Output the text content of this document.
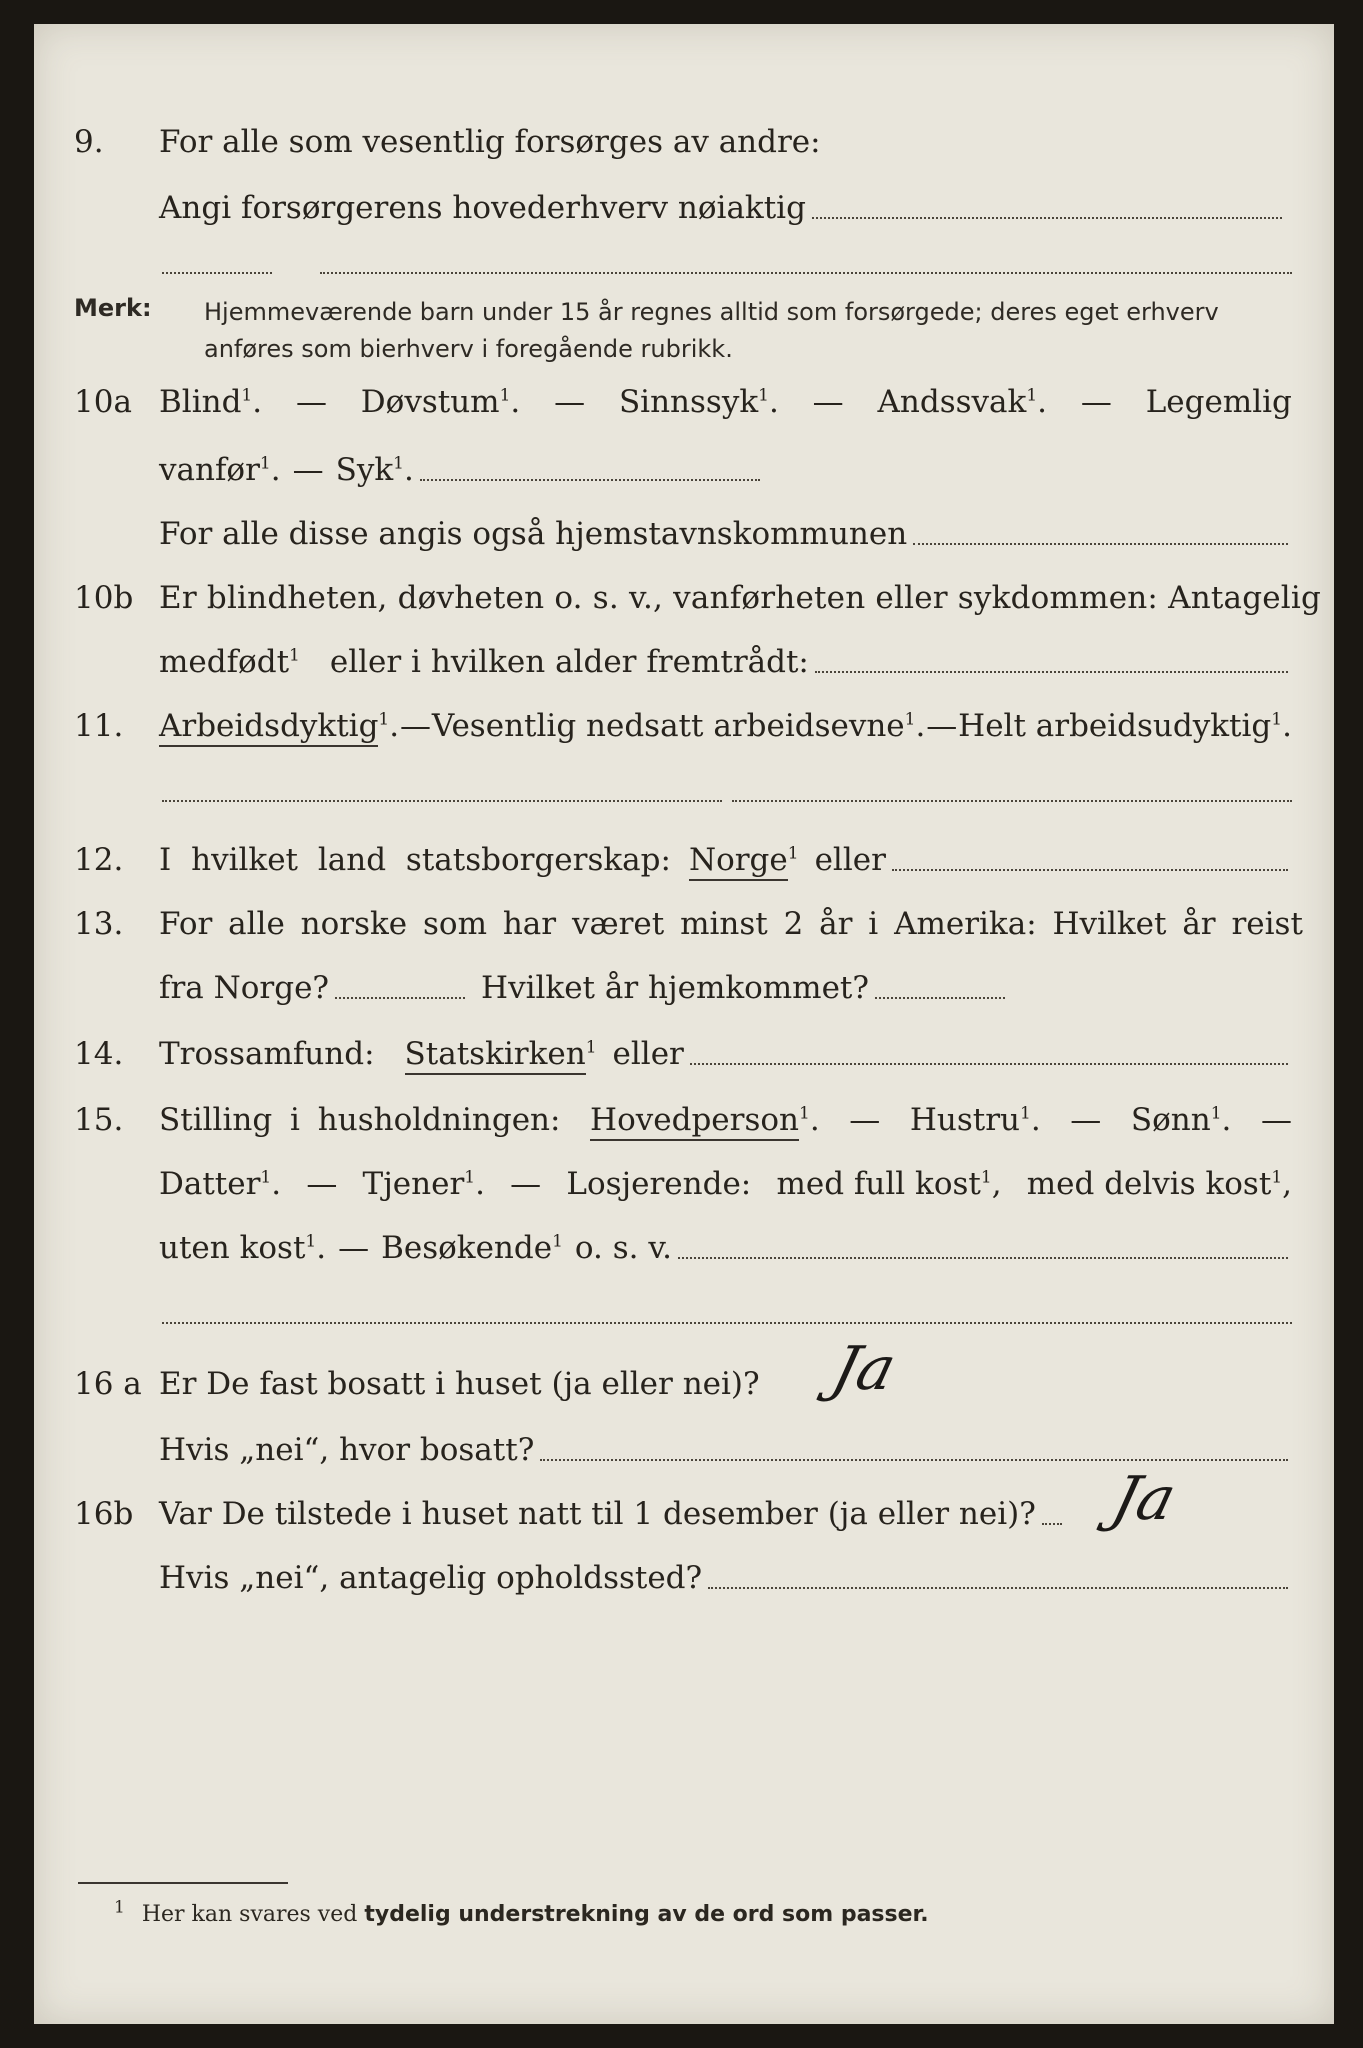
9. For alle som vesentlig forsørges av andre:
Angi forsørgerens hovederhverv nøiaktig
Merk: Hjemmeværende barn under 15 år regnes alltid som forsørgede; deres eget erhverv anføres som bierhverv i foregående rubrikk.
10a Blind$^1$. — Døvstum$^1$. — Sinnssyk$^1$. — Andssvak$^1$. — Legemlig
vanfør$^1$. — Syk$^1$.
For alle disse angis også hjemstavnskommunen
10b Er blindheten, døvheten o. s. v., vanførheten eller sykdommen: Antagelig
medfødt$^1$ eller i hvilken alder fremtrådt:
11. Arbeidsdyktig$^1$. — Vesentlig nedsatt arbeidsevne$^1$. — Helt arbeidsudyktig$^1$.
12. I hvilket land statsborgerskap: Norge$^1$ eller
13. For alle norske som har været minst 2 år i Amerika: Hvilket år reist
fra Norge?	Hvilket år hjemkommet?
14. Trossamfund: Statskirken$^1$ eller
15. Stilling i husholdningen: Hovedperson$^1$. — Hustru$^1$. — Sønn$^1$. —
Datter$^1$. — Tjener$^1$. — Losjerende: med full kost$^1$, med delvis kost$^1$,
uten kost$^1$. — Besøkende$^1$ o. s. v.
16 a Er De fast bosatt i huset (ja eller nei)? Ja
Hvis „nei“, hvor bosatt?
16b Var De tilstede i huset natt til 1 desember (ja eller nei)? Ja
Hvis „nei“, antagelig opholdssted?
$^1$ Her kan svares ved tydelig understrekning av de ord som passer.
